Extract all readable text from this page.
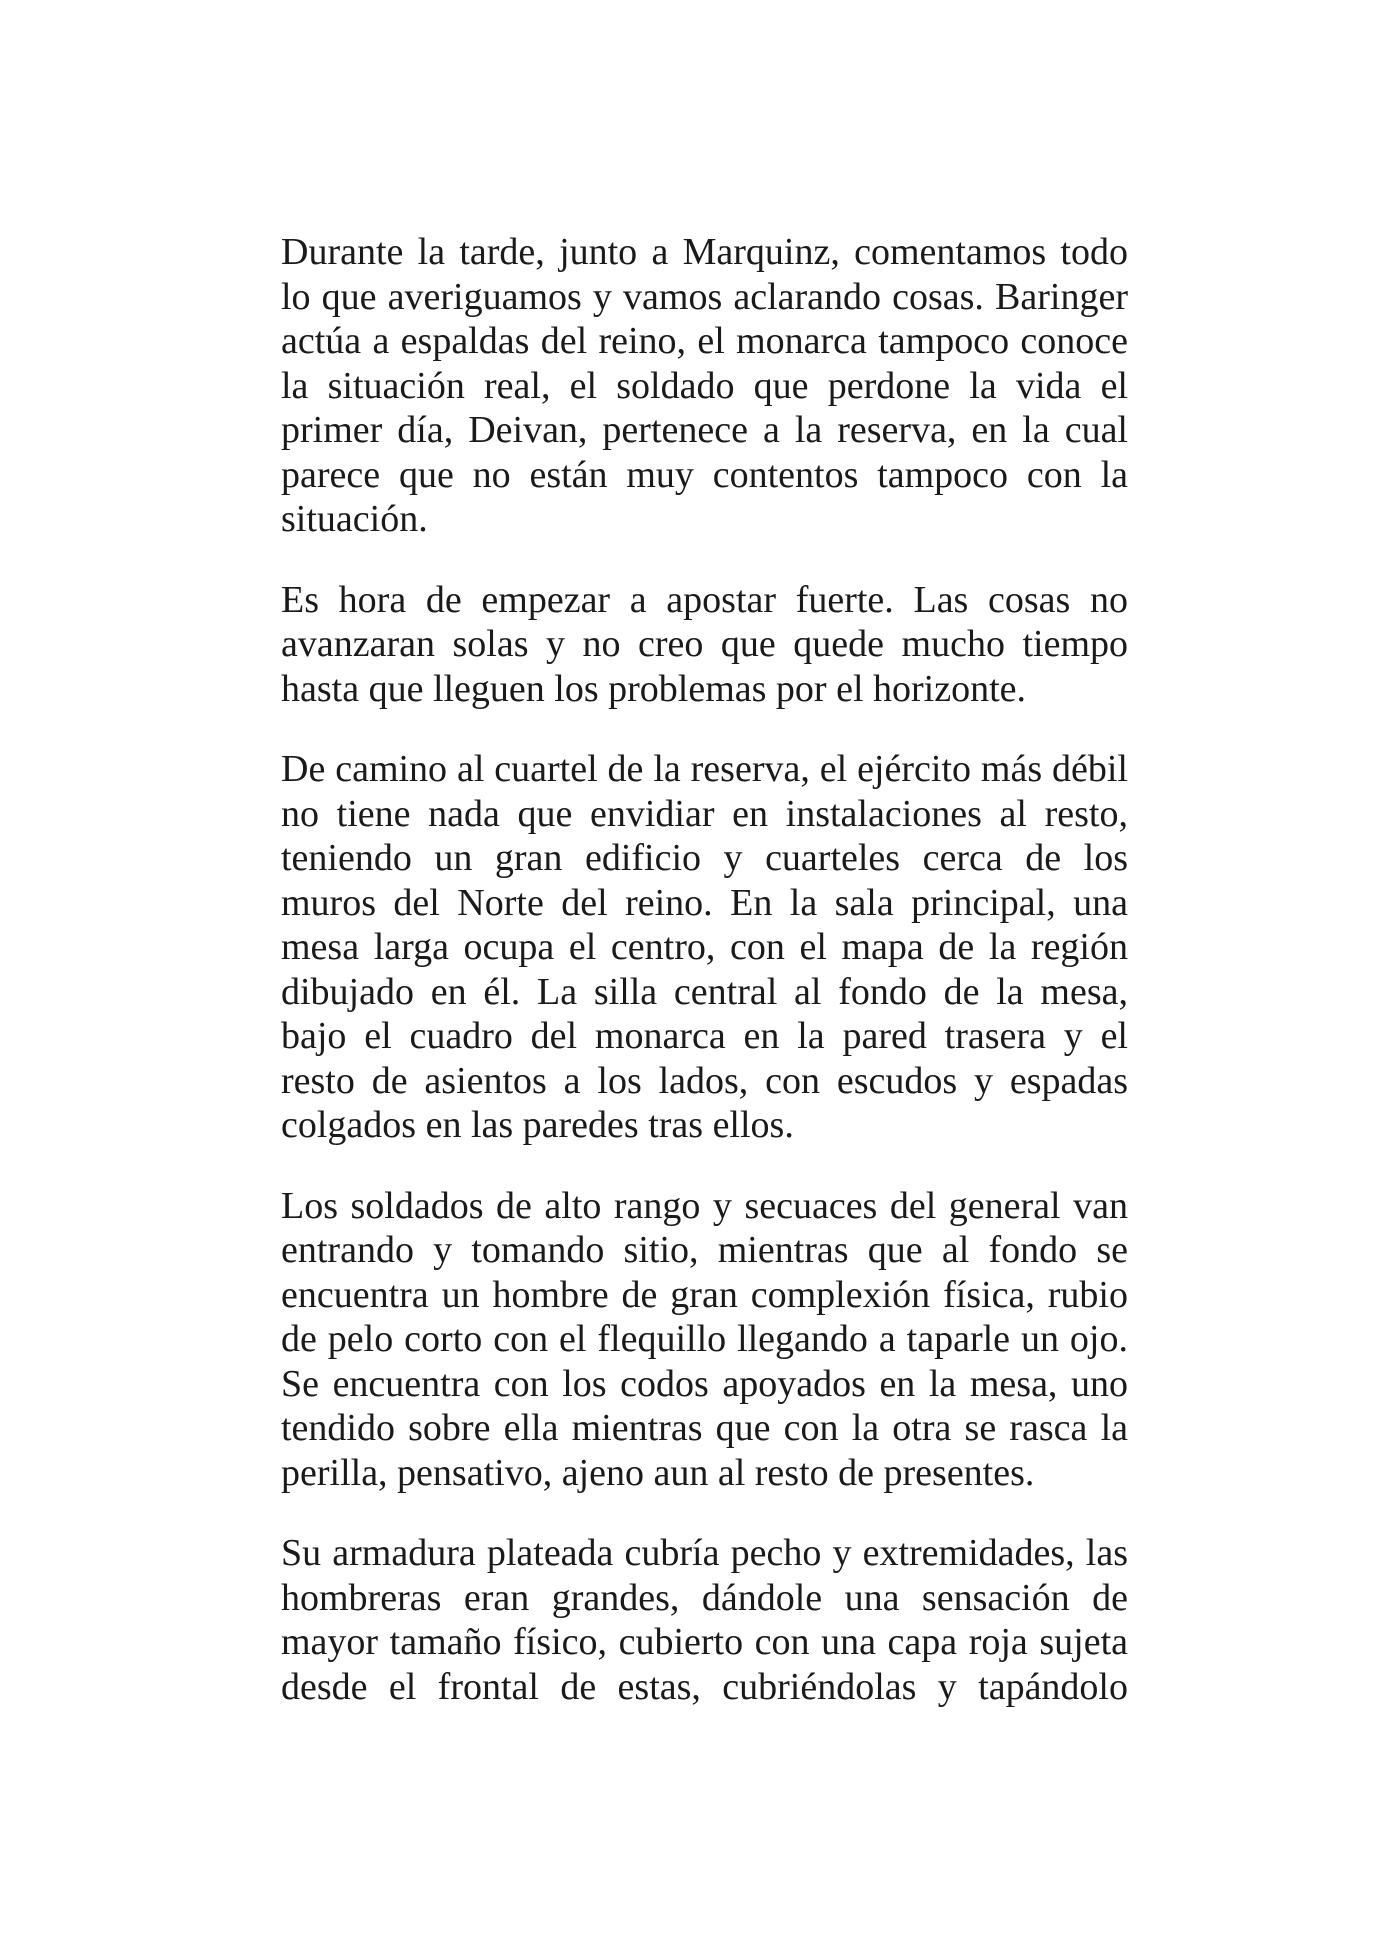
Durante la tarde, junto a Marquinz, comentamos todo lo que averiguamos y vamos aclarando cosas. Baringer actúa a espaldas del reino, el monarca tampoco conoce la situación real, el soldado que perdone la vida el primer día, Deivan, pertenece a la reserva, en la cual parece que no están muy contentos tampoco con la situación.

Es hora de empezar a apostar fuerte. Las cosas no avanzaran solas y no creo que quede mucho tiempo hasta que lleguen los problemas por el horizonte.

De camino al cuartel de la reserva, el ejército más débil no tiene nada que envidiar en instalaciones al resto, teniendo un gran edificio y cuarteles cerca de los muros del Norte del reino. En la sala principal, una mesa larga ocupa el centro, con el mapa de la región dibujado en él. La silla central al fondo de la mesa, bajo el cuadro del monarca en la pared trasera y el resto de asientos a los lados, con escudos y espadas colgados en las paredes tras ellos.

Los soldados de alto rango y secuaces del general van entrando y tomando sitio, mientras que al fondo se encuentra un hombre de gran complexión física, rubio de pelo corto con el flequillo llegando a taparle un ojo. Se encuentra con los codos apoyados en la mesa, uno tendido sobre ella mientras que con la otra se rasca la perilla, pensativo, ajeno aun al resto de presentes.

Su armadura plateada cubría pecho y extremidades, las hombreras eran grandes, dándole una sensación de mayor tamaño físico, cubierto con una capa roja sujeta desde el frontal de estas, cubriéndolas y tapándolo
